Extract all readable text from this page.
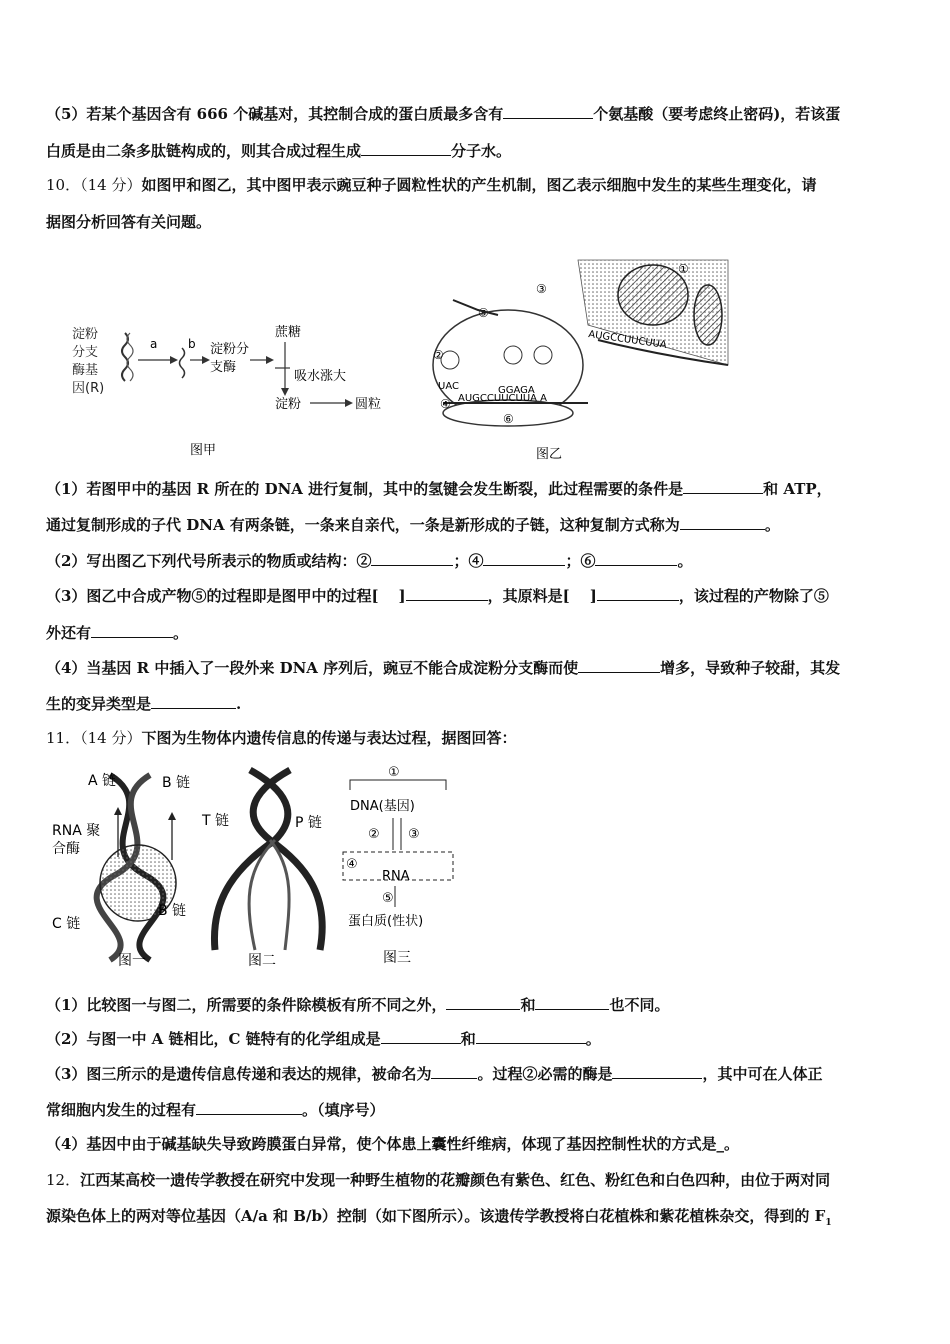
（5）若某个基因含有 666 个碱基对，其控制合成的蛋白质最多含有	个氨基酸（要考虑终止密码)，若该蛋
白质是由二条多肽链构成的，则其合成过程生成	分子水。
10．（14 分）如图甲和图乙，其中图甲表示豌豆种子圆粒性状的产生机制，图乙表示细胞中发生的某些生理变化，请
据图分析回答有关问题。
淀粉
分支
酶基
因(R)
a	b 淀粉分
支酶
蔗糖
吸水涨大
淀粉	圆粒
图甲
AUGCCUUCUUA
①
AUGCCUUCUUA A
GGAGA
UAC
②
③
④
⑤
⑥
图乙
（1）若图甲中的基因 R 所在的 DNA 进行复制，其中的氢键会发生断裂，此过程需要的条件是	和 ATP，
通过复制形成的子代 DNA 有两条链，一条来自亲代，一条是新形成的子链，这种复制方式称为	。
（2）写出图乙下列代号所表示的物质或结构：②	；④	；⑥	。
（3）图乙中合成产物⑤的过程即是图甲中的过程[ ]	，其原料是[ ]	，该过程的产物除了⑤
外还有	。
（4）当基因 R 中插入了一段外来 DNA 序列后，豌豆不能合成淀粉分支酶而使	增多，导致种子较甜，其发
生的变异类型是	.
11．（14 分）下图为生物体内遗传信息的传递与表达过程，据图回答：
A 链	B 链
RNA 聚
合酶
C 链
B 链
图一
T 链	P 链
图二
①
DNA(基因)
② ③
④
RNA
⑤
蛋白质(性状)
图三
（1）比较图一与图二，所需要的条件除模板有所不同之外，	和	也不同。
（2）与图一中 A 链相比，C 链特有的化学组成是	和	。
（3）图三所示的是遗传信息传递和表达的规律，被命名为	。过程②必需的酶是	，其中可在人体正
常细胞内发生的过程有	。（填序号）
（4）基因中由于碱基缺失导致跨膜蛋白异常，使个体患上囊性纤维病，体现了基因控制性状的方式是_。
12．江西某高校一遗传学教授在研究中发现一种野生植物的花瓣颜色有紫色、红色、粉红色和白色四种，由位于两对同
源染色体上的两对等位基因（A/a 和 B/b）控制（如下图所示）。该遗传学教授将白花植株和紫花植株杂交，得到的 $F_1$
